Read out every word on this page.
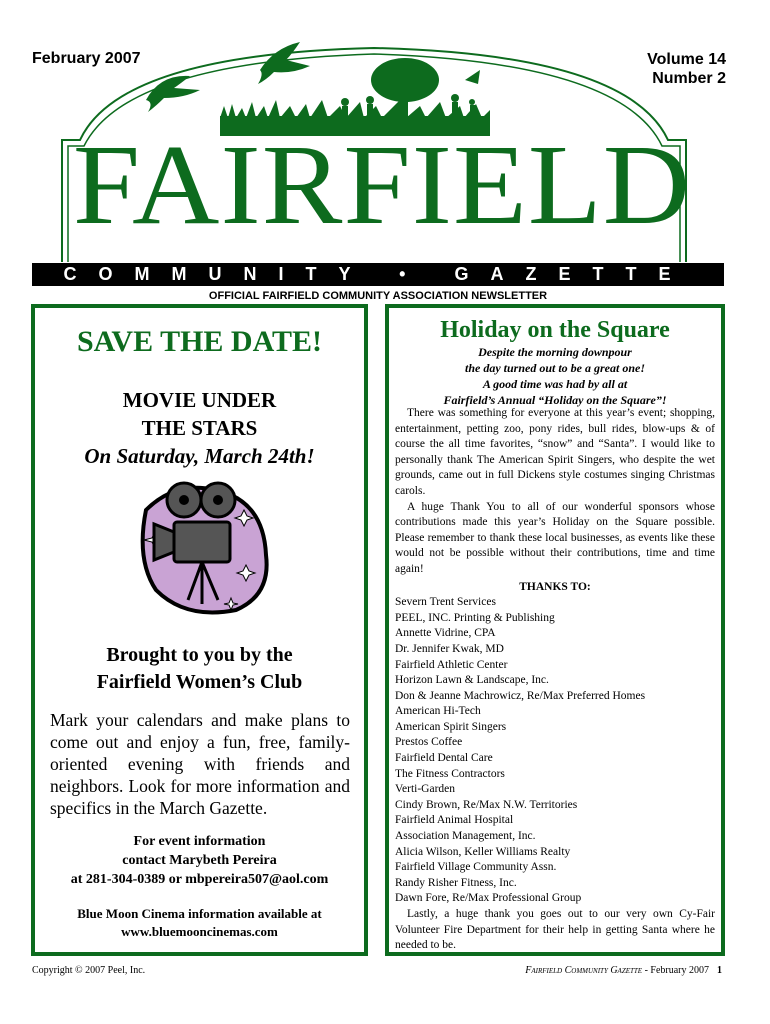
February 2007	Volume 14
Number 2
FAIRFIELD
COMMUNITY • GAZETTE
OFFICIAL FAIRFIELD COMMUNITY ASSOCIATION NEWSLETTER
SAVE THE DATE!
MOVIE UNDER
THE STARS
On Saturday, March 24th!
Brought to you by the
Fairfield Women’s Club
Mark your calendars and make plans to come out and enjoy a fun, free, family-oriented evening with friends and neighbors. Look for more information and specifics in the March Gazette.
For event information
contact Marybeth Pereira
at 281-304-0389 or mbpereira507@aol.com
Blue Moon Cinema information available at
www.bluemooncinemas.com
Holiday on the Square
Despite the morning downpour
the day turned out to be a great one!
A good time was had by all at
Fairfield’s Annual “Holiday on the Square”!

There was something for everyone at this year’s event; shopping, entertainment, petting zoo, pony rides, bull rides, blow-ups & of course the all time favorites, “snow” and “Santa”. I would like to personally thank The American Spirit Singers, who despite the wet grounds, came out in full Dickens style costumes singing Christmas carols.

A huge Thank You to all of our wonderful sponsors whose contributions made this year’s Holiday on the Square possible. Please remember to thank these local businesses, as events like these would not be possible without their contributions, time and time again!

THANKS TO:
Severn Trent Services
PEEL, INC. Printing & Publishing
Annette Vidrine, CPA
Dr. Jennifer Kwak, MD
Fairfield Athletic Center
Horizon Lawn & Landscape, Inc.
Don & Jeanne Machrowicz, Re/Max Preferred Homes
American Hi-Tech
American Spirit Singers
Prestos Coffee
Fairfield Dental Care
The Fitness Contractors
Verti-Garden
Cindy Brown, Re/Max N.W. Territories
Fairfield Animal Hospital
Association Management, Inc.
Alicia Wilson, Keller Williams Realty
Fairfield Village Community Assn.
Randy Risher Fitness, Inc.
Dawn Fore, Re/Max Professional Group

Lastly, a huge thank you goes out to our very own Cy-Fair Volunteer Fire Department for their help in getting Santa where he needed to be.

Copyright © 2007 Peel, Inc.	Fairfield Community Gazette - February 2007 1
